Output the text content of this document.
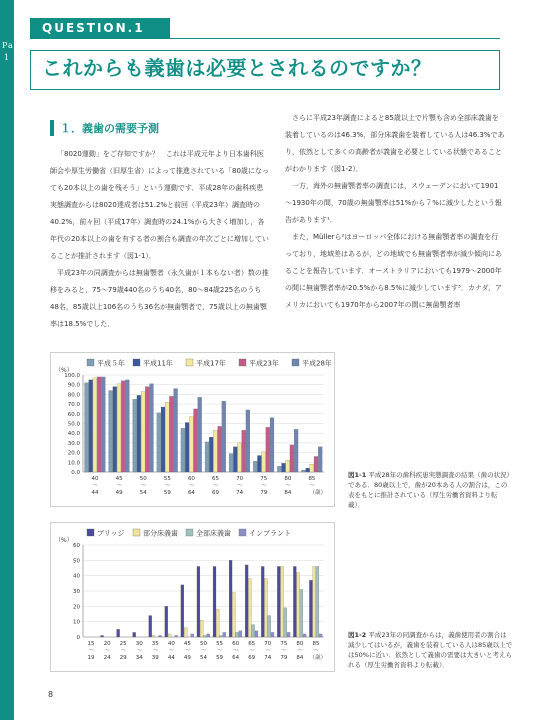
Part 1
QUESTION.1
これからも義歯は必要とされるのですか？
１．義歯の需要予測

「8020運動」をご存知ですか？　これは平成元年より日本歯科医師会や厚生労働省（旧厚生省）によって推進されている「80歳になっても20本以上の歯を残そう」という運動です．平成28年の歯科疾患実態調査からは8020達成者は51.2%と前回（平成23年）調査時の40.2%，前々回（平成17年）調査時の24.1%から大きく増加し，各年代の20本以上の歯を有する者の割合も調査の年次ごとに増加していることが推計されます（図1-1）．

平成23年の同調査からは無歯顎者（永久歯が１本もない者）数の推移をみると，75～79歳440名のうち40名，80～84歳225名のうち48名，85歳以上106名のうち36名が無歯顎者で，75歳以上の無歯顎率は18.5%でした．

さらに平成23年調査によると85歳以上で片顎も含め全部床義歯を装着しているのは46.3%，部分床義歯を装着している人は46.3%であり，依然として多くの高齢者が義歯を必要としている状態であることがわかります（図1-2）．

一方，海外の無歯顎者率の調査には，スウェーデンにおいて1901～1930年の間，70歳の無歯顎率は51%から７%に減少したという報告があります¹．

また，Müllerら²はヨーロッパ全体における無歯顎者率の調査を行っており，地域差はあるが，どの地域でも無歯顎者率が減少傾向にあることを報告しています．オーストラリアにおいても1979～2000年の間に無歯顎者率が20.5%から8.5%に減少しています³．カナダ，アメリカにおいても1970年から2007年の間に無歯顎者率

平成５年	平成11年	平成17年	平成23年	平成28年
（%）
0.0
10.0
20.0
30.0
40.0
50.0
60.0
70.0
80.0
90.0
100.0
40
〜
44
45
〜
49
50
〜
54
55
〜
59
60
〜
64
65
〜
69
70
〜
74
75
〜
79
80
〜
84
85
〜
（歳）
図1-1 平成28年の歯科疾患実態調査の結果（歯の状況）である．80歳以上で，歯が20本ある人の割合は，この表をもとに推計されている（厚生労働省資料より転載）．
ブリッジ	部分床義歯	全部床義歯	インプラント
（%）
0
10
20
30
40
50
60
15
〜
19
20
〜
24
25
〜
29
30
〜
34
35
〜
39
40
〜
44
45
〜
49
50
〜
54
55
〜
59
60
〜
64
65
〜
69
70
〜
74
75
〜
79
80
〜
84
85
〜
（歳）
図1-2 平成23年の同調査からは，義歯使用者の割合は減少してはいるが，義歯を装着している人は85歳以上では50%に近い．依然として義歯の需要は大きいと考えられる（厚生労働省資料より転載）．
8
